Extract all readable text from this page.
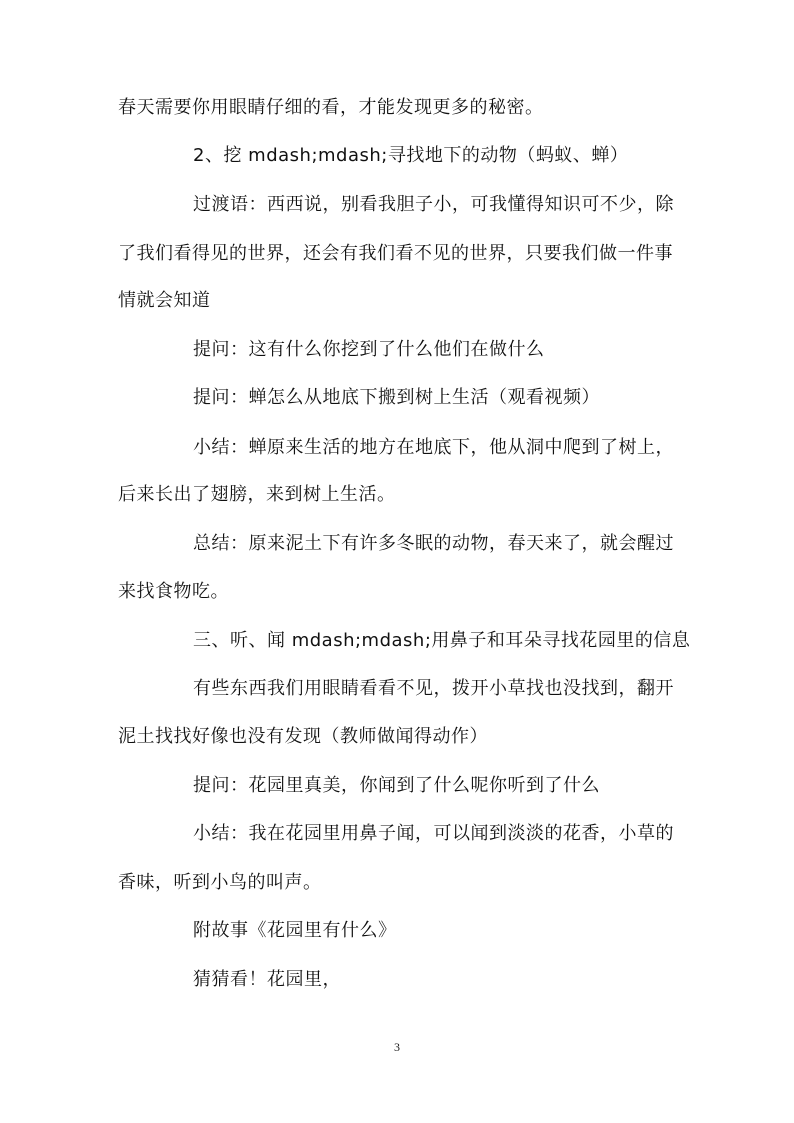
春天需要你用眼睛仔细的看，才能发现更多的秘密。
2、挖 mdash;mdash;寻找地下的动物（蚂蚁、蝉）
过渡语：西西说，别看我胆子小，可我懂得知识可不少，除
了我们看得见的世界，还会有我们看不见的世界，只要我们做一件事
情就会知道
提问：这有什么你挖到了什么他们在做什么
提问：蝉怎么从地底下搬到树上生活（观看视频）
小结：蝉原来生活的地方在地底下，他从洞中爬到了树上，
后来长出了翅膀，来到树上生活。
总结：原来泥土下有许多冬眠的动物，春天来了，就会醒过
来找食物吃。
三、听、闻 mdash;mdash;用鼻子和耳朵寻找花园里的信息
有些东西我们用眼睛看看不见，拨开小草找也没找到，翻开
泥土找找好像也没有发现（教师做闻得动作）
提问：花园里真美，你闻到了什么呢你听到了什么
小结：我在花园里用鼻子闻，可以闻到淡淡的花香，小草的
香味，听到小鸟的叫声。
附故事《花园里有什么》
猜猜看！花园里，
3
